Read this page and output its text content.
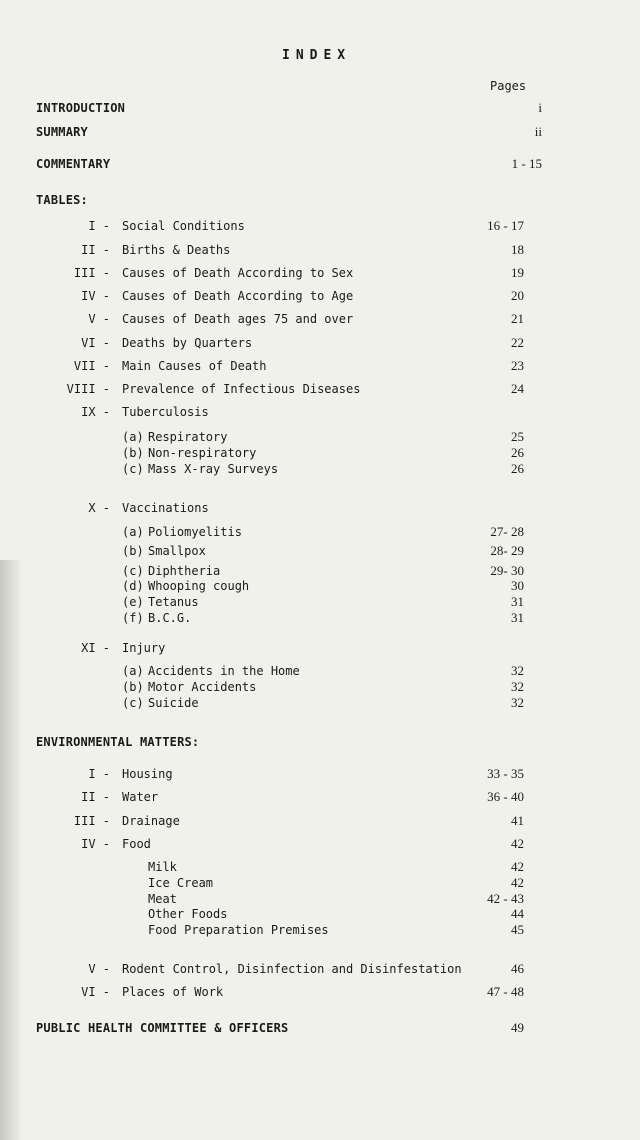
INDEX
Pages
INTRODUCTION	i
SUMMARY	ii
COMMENTARY	1 - 15
TABLES:
I - Social Conditions	16 - 17
II - Births & Deaths	18
III - Causes of Death According to Sex	19
IV - Causes of Death According to Age	20
V - Causes of Death ages 75 and over	21
VI - Deaths by Quarters	22
VII - Main Causes of Death	23
VIII - Prevalence of Infectious Diseases	24
IX - Tuberculosis
(a) Respiratory	25
(b) Non-respiratory	26
(c) Mass X-ray Surveys	26
X - Vaccinations
(a) Poliomyelitis	27- 28
(b) Smallpox	28- 29
(c) Diphtheria	29- 30
(d) Whooping cough	30
(e) Tetanus	31
(f) B.C.G.	31
XI - Injury
(a) Accidents in the Home	32
(b) Motor Accidents	32
(c) Suicide	32
ENVIRONMENTAL MATTERS:
I - Housing	33 - 35
II - Water	36 - 40
III - Drainage	41
IV - Food	42
Milk	42
Ice Cream	42
Meat	42 - 43
Other Foods	44
Food Preparation Premises	45
V - Rodent Control, Disinfection and Disinfestation	46
VI - Places of Work	47 - 48
PUBLIC HEALTH COMMITTEE & OFFICERS	49
